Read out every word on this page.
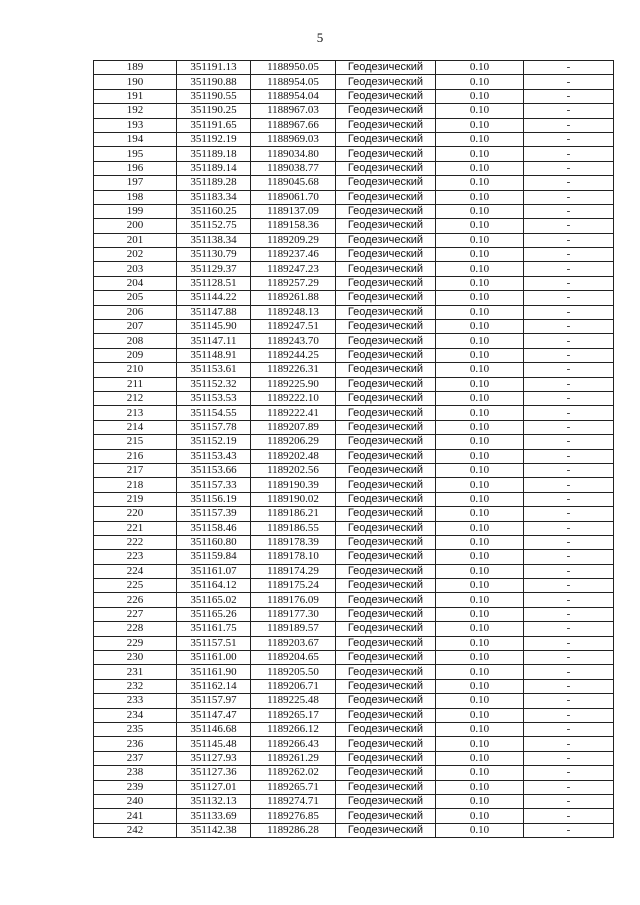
5
189	351191.13	1188950.05	Геодезический	0.10	-
190	351190.88	1188954.05	Геодезический	0.10	-
191	351190.55	1188954.04	Геодезический	0.10	-
192	351190.25	1188967.03	Геодезический	0.10	-
193	351191.65	1188967.66	Геодезический	0.10	-
194	351192.19	1188969.03	Геодезический	0.10	-
195	351189.18	1189034.80	Геодезический	0.10	-
196	351189.14	1189038.77	Геодезический	0.10	-
197	351189.28	1189045.68	Геодезический	0.10	-
198	351183.34	1189061.70	Геодезический	0.10	-
199	351160.25	1189137.09	Геодезический	0.10	-
200	351152.75	1189158.36	Геодезический	0.10	-
201	351138.34	1189209.29	Геодезический	0.10	-
202	351130.79	1189237.46	Геодезический	0.10	-
203	351129.37	1189247.23	Геодезический	0.10	-
204	351128.51	1189257.29	Геодезический	0.10	-
205	351144.22	1189261.88	Геодезический	0.10	-
206	351147.88	1189248.13	Геодезический	0.10	-
207	351145.90	1189247.51	Геодезический	0.10	-
208	351147.11	1189243.70	Геодезический	0.10	-
209	351148.91	1189244.25	Геодезический	0.10	-
210	351153.61	1189226.31	Геодезический	0.10	-
211	351152.32	1189225.90	Геодезический	0.10	-
212	351153.53	1189222.10	Геодезический	0.10	-
213	351154.55	1189222.41	Геодезический	0.10	-
214	351157.78	1189207.89	Геодезический	0.10	-
215	351152.19	1189206.29	Геодезический	0.10	-
216	351153.43	1189202.48	Геодезический	0.10	-
217	351153.66	1189202.56	Геодезический	0.10	-
218	351157.33	1189190.39	Геодезический	0.10	-
219	351156.19	1189190.02	Геодезический	0.10	-
220	351157.39	1189186.21	Геодезический	0.10	-
221	351158.46	1189186.55	Геодезический	0.10	-
222	351160.80	1189178.39	Геодезический	0.10	-
223	351159.84	1189178.10	Геодезический	0.10	-
224	351161.07	1189174.29	Геодезический	0.10	-
225	351164.12	1189175.24	Геодезический	0.10	-
226	351165.02	1189176.09	Геодезический	0.10	-
227	351165.26	1189177.30	Геодезический	0.10	-
228	351161.75	1189189.57	Геодезический	0.10	-
229	351157.51	1189203.67	Геодезический	0.10	-
230	351161.00	1189204.65	Геодезический	0.10	-
231	351161.90	1189205.50	Геодезический	0.10	-
232	351162.14	1189206.71	Геодезический	0.10	-
233	351157.97	1189225.48	Геодезический	0.10	-
234	351147.47	1189265.17	Геодезический	0.10	-
235	351146.68	1189266.12	Геодезический	0.10	-
236	351145.48	1189266.43	Геодезический	0.10	-
237	351127.93	1189261.29	Геодезический	0.10	-
238	351127.36	1189262.02	Геодезический	0.10	-
239	351127.01	1189265.71	Геодезический	0.10	-
240	351132.13	1189274.71	Геодезический	0.10	-
241	351133.69	1189276.85	Геодезический	0.10	-
242	351142.38	1189286.28	Геодезический	0.10	-
